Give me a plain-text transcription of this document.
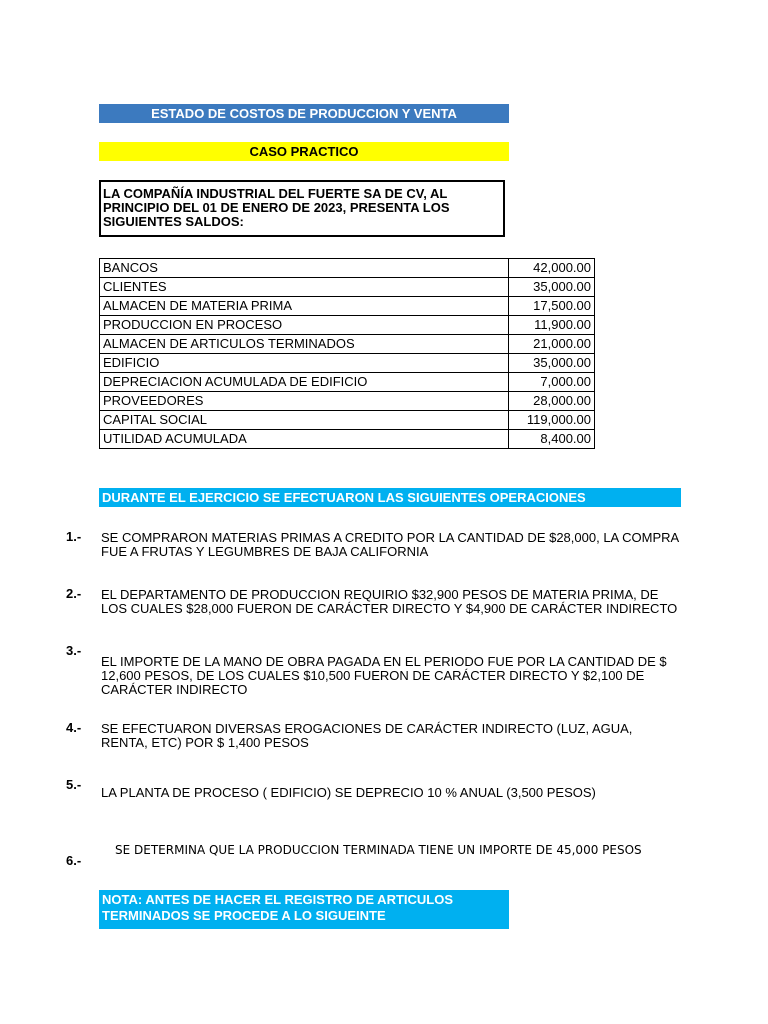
ESTADO DE COSTOS DE PRODUCCION Y VENTA
CASO PRACTICO
LA COMPAÑÍA INDUSTRIAL DEL FUERTE SA DE CV, AL PRINCIPIO DEL 01 DE ENERO DE 2023, PRESENTA LOS SIGUIENTES SALDOS:
BANCOS	42,000.00
CLIENTES	35,000.00
ALMACEN DE MATERIA PRIMA	17,500.00
PRODUCCION EN PROCESO	11,900.00
ALMACEN DE ARTICULOS TERMINADOS	21,000.00
EDIFICIO	35,000.00
DEPRECIACION ACUMULADA DE EDIFICIO	7,000.00
PROVEEDORES	28,000.00
CAPITAL SOCIAL	119,000.00
UTILIDAD ACUMULADA	8,400.00
DURANTE EL EJERCICIO SE EFECTUARON LAS SIGUIENTES OPERACIONES
1.- SE COMPRARON MATERIAS PRIMAS A CREDITO POR LA CANTIDAD DE $28,000, LA COMPRA FUE A FRUTAS Y LEGUMBRES DE BAJA CALIFORNIA
2.- EL DEPARTAMENTO DE PRODUCCION REQUIRIO $32,900 PESOS DE MATERIA PRIMA, DE LOS CUALES $28,000 FUERON DE CARÁCTER DIRECTO Y $4,900 DE CARÁCTER INDIRECTO
3.-
EL IMPORTE DE LA MANO DE OBRA PAGADA EN EL PERIODO FUE POR LA CANTIDAD DE $ 12,600 PESOS, DE LOS CUALES $10,500 FUERON DE CARÁCTER DIRECTO Y $2,100 DE CARÁCTER INDIRECTO
4.- SE EFECTUARON DIVERSAS EROGACIONES DE CARÁCTER INDIRECTO (LUZ, AGUA, RENTA, ETC) POR $ 1,400 PESOS
5.-
LA PLANTA DE PROCESO ( EDIFICIO) SE DEPRECIO 10 % ANUAL (3,500 PESOS)
6.-
SE DETERMINA QUE LA PRODUCCION TERMINADA TIENE UN IMPORTE DE 45,000 PESOS
NOTA: ANTES DE HACER EL REGISTRO DE ARTICULOS TERMINADOS SE PROCEDE A LO SIGUEINTE
